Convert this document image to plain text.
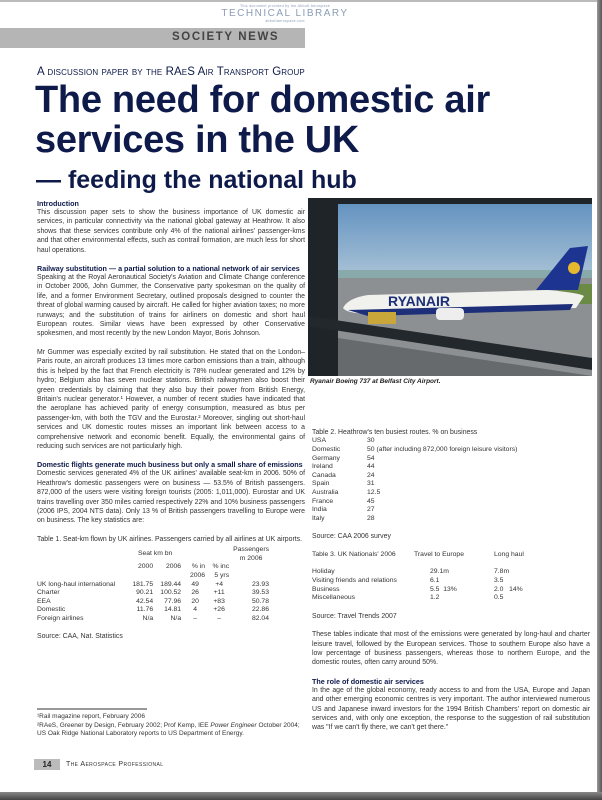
SOCIETY NEWS
This document provided by the Abbott Aerospace
TECHNICAL LIBRARY
abbottaerospace.com
A discussion paper by the RAeS Air Transport Group
The need for domestic air
services in the UK
— feeding the national hub
Introduction

This discussion paper sets to show the business importance of UK domestic air services, in particular connectivity via the national global gateway at Heathrow. It also shows that these services contribute only 4% of the national airlines' passenger-kms and that other environmental effects, such as contrail formation, are much less for short haul operations.

Railway substitution — a partial solution to a national network of air services

Speaking at the Royal Aeronautical Society's Aviation and Climate Change conference in October 2006, John Gummer, the Conservative party spokesman on the quality of life, and a former Environment Secretary, outlined proposals designed to counter the threat of global warming caused by aircraft. He called for higher aviation taxes; no more runways; and the substitution of trains for airliners on domestic and short haul European routes. Similar views have been expressed by other Conservative spokesmen, and most recently by the new London Mayor, Boris Johnson.

Mr Gummer was especially excited by rail substitution. He stated that on the London–Paris route, an aircraft produces 13 times more carbon emissions than a train, although this is helped by the fact that French electricity is 78% nuclear generated and 12% by hydro; Belgium also has seven nuclear stations. British railwaymen also boost their green credentials by claiming that they also buy their power from British Energy, Britain's nuclear generator.¹ However, a number of recent studies have indicated that the aeroplane has achieved parity of energy consumption, measured as btus per passenger-km, with both the TGV and the Eurostar.² Moreover, singling out short-haul services and UK domestic routes misses an important link between access to a comprehensive network and economic benefit. Equally, the environmental gains of reducing such services are not particularly high.

Domestic flights generate much business but only a small share of emissions

Domestic services generated 4% of the UK airlines' available seat-km in 2006. 50% of Heathrow's domestic passengers were on business — 53.5% of British passengers. 872,000 of the users were visiting foreign tourists (2005: 1,011,000). Eurostar and UK trains travelling over 350 miles carried respectively 22% and 10% business passengers (2006 IPS, 2004 NTS data). Only 13 % of British passengers travelling to Europe were on business. The key statistics are:

Table 1. Seat-km flown by UK airlines. Passengers carried by all airlines at UK airports.

	Seat km bn				Passengers m 2006
	2000	2006	% in 2006	% inc 5 yrs	
UK long-haul international	181.75	189.44	49	+4	23.93
Charter	90.21	100.52	26	+11	39.53
EEA	42.54	77.96	20	+83	50.78
Domestic	11.76	14.81	4	+26	22.86
Foreign airlines	N/a	N/a	–	–	82.04

Source: CAA, Nat. Statistics

¹Rail magazine report, February 2006
²RAeS, Greener by Design, February 2002; Prof Kemp, IEE Power Engineer October 2004; US Oak Ridge National Laboratory reports to US Department of Energy.
RYANAIR
Ryanair Boeing 737 at Belfast City Airport.
Table 2. Heathrow's ten busiest routes. % on business
USA	30
Domestic	50 (after including 872,000 foreign leisure visitors)
Germany	54
Ireland	44
Canada	24
Spain	31
Australia	12.5
France	45
India	27
Italy	28

Source: CAA 2006 survey

Table 3. UK Nationals' 2006	Travel to Europe	Long haul

Holiday	29.1m	7.8m
Visiting friends and relations	6.1	3.5
Business	5.5  13%	2.0   14%
Miscellaneous	1.2	0.5

Source: Travel Trends 2007

These tables indicate that most of the emissions were generated by long-haul and charter leisure travel, followed by the European services. Those to southern Europe also have a low percentage of business passengers, whereas those to northern Europe, and the domestic routes, often carry around 50%.

The role of domestic air services

In the age of the global economy, ready access to and from the USA, Europe and Japan and other emerging economic centres is very important. The author interviewed numerous US and Japanese inward investors for the 1994 British Chambers' report on domestic air services and, with only one exception, the response to the suggestion of rail substitution was "If we can't fly there, we can't get there."

14	The Aerospace Professional
